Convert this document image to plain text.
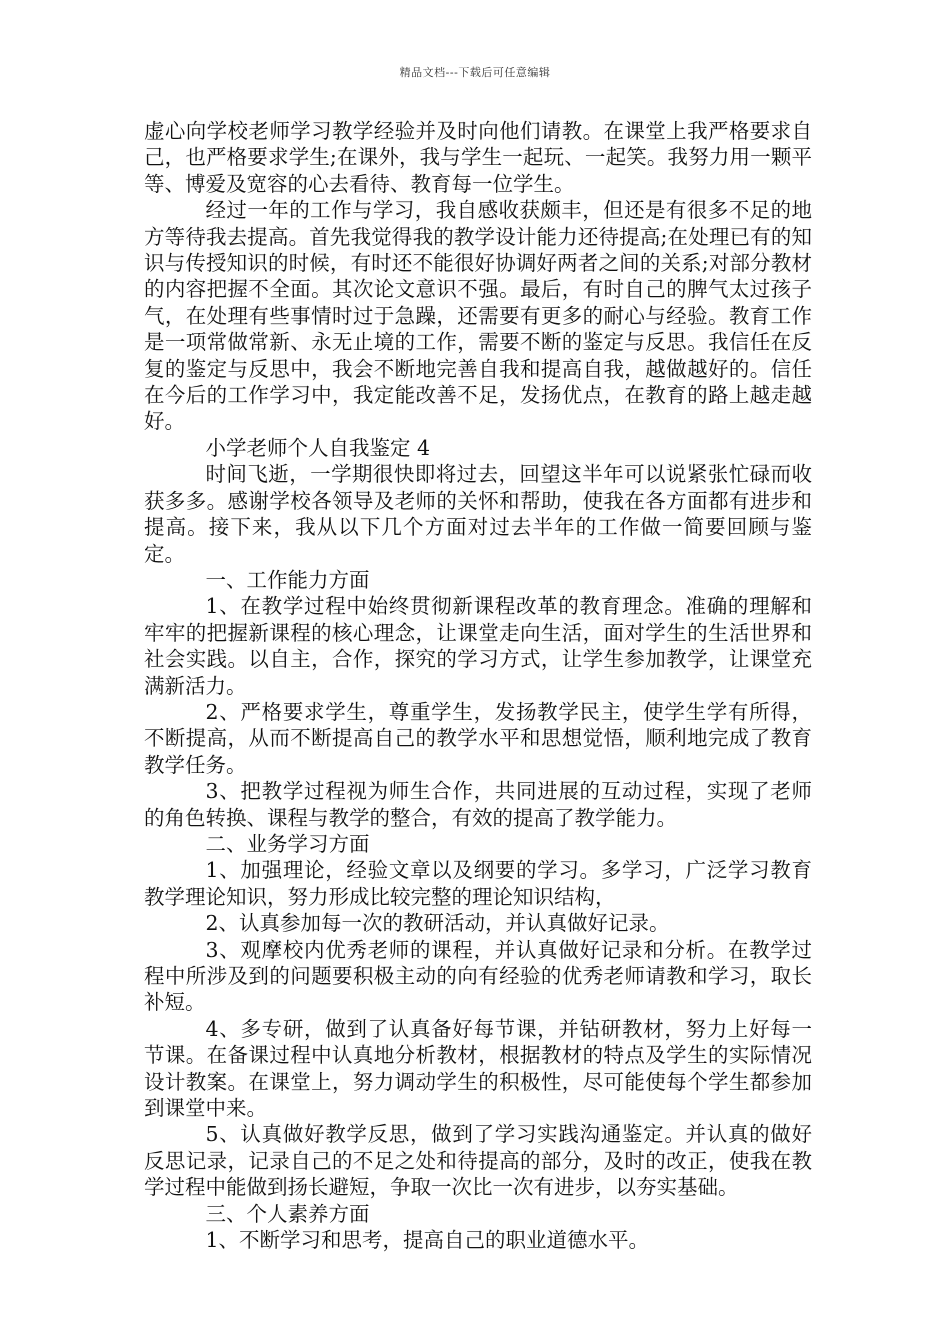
精品文档---下载后可任意编辑

虚心向学校老师学习教学经验并及时向他们请教。在课堂上我严格要求自己，也严格要求学生;在课外，我与学生一起玩、一起笑。我努力用一颗平等、博爱及宽容的心去看待、教育每一位学生。

经过一年的工作与学习，我自感收获颇丰，但还是有很多不足的地方等待我去提高。首先我觉得我的教学设计能力还待提高;在处理已有的知识与传授知识的时候，有时还不能很好协调好两者之间的关系;对部分教材的内容把握不全面。其次论文意识不强。最后，有时自己的脾气太过孩子气，在处理有些事情时过于急躁，还需要有更多的耐心与经验。教育工作是一项常做常新、永无止境的工作，需要不断的鉴定与反思。我信任在反复的鉴定与反思中，我会不断地完善自我和提高自我，越做越好的。信任在今后的工作学习中，我定能改善不足，发扬优点，在教育的路上越走越好。

小学老师个人自我鉴定 4

时间飞逝，一学期很快即将过去，回望这半年可以说紧张忙碌而收获多多。感谢学校各领导及老师的关怀和帮助，使我在各方面都有进步和提高。接下来，我从以下几个方面对过去半年的工作做一简要回顾与鉴定。

一、工作能力方面

1、在教学过程中始终贯彻新课程改革的教育理念。准确的理解和牢牢的把握新课程的核心理念，让课堂走向生活，面对学生的生活世界和社会实践。以自主，合作，探究的学习方式，让学生参加教学，让课堂充满新活力。

2、严格要求学生，尊重学生，发扬教学民主，使学生学有所得，不断提高，从而不断提高自己的教学水平和思想觉悟，顺利地完成了教育教学任务。

3、把教学过程视为师生合作，共同进展的互动过程，实现了老师的角色转换、课程与教学的整合，有效的提高了教学能力。

二、业务学习方面

1、加强理论，经验文章以及纲要的学习。多学习，广泛学习教育教学理论知识，努力形成比较完整的理论知识结构，

2、认真参加每一次的教研活动，并认真做好记录。

3、观摩校内优秀老师的课程，并认真做好记录和分析。在教学过程中所涉及到的问题要积极主动的向有经验的优秀老师请教和学习，取长补短。

4、多专研，做到了认真备好每节课，并钻研教材，努力上好每一节课。在备课过程中认真地分析教材，根据教材的特点及学生的实际情况设计教案。在课堂上，努力调动学生的积极性，尽可能使每个学生都参加到课堂中来。

5、认真做好教学反思，做到了学习实践沟通鉴定。并认真的做好反思记录，记录自己的不足之处和待提高的部分，及时的改正，使我在教学过程中能做到扬长避短，争取一次比一次有进步，以夯实基础。

三、个人素养方面

1、不断学习和思考，提高自己的职业道德水平。
